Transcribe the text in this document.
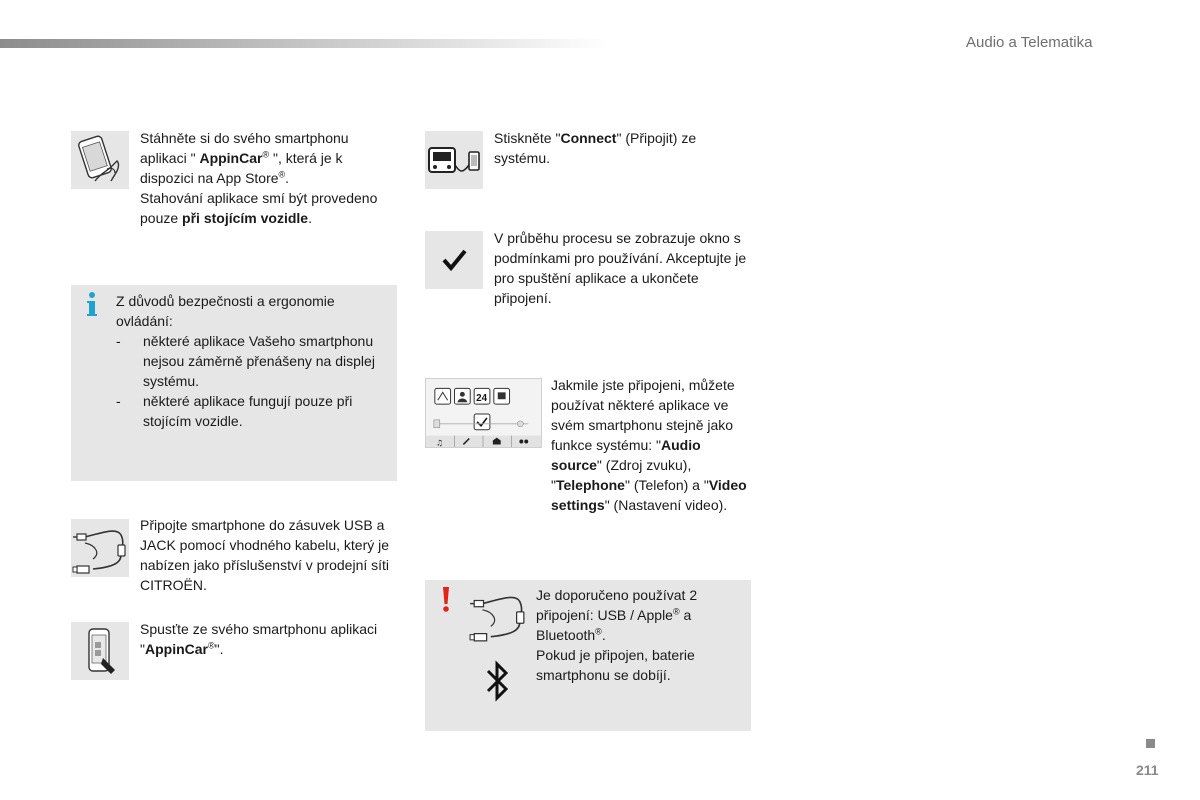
Audio a Telematika
Stáhněte si do svého smartphonu aplikaci " AppinCar® ", která je k dispozici na App Store®.
Stahování aplikace smí být provedeno pouze při stojícím vozidle.
Z důvodů bezpečnosti a ergonomie ovládání:
-	některé aplikace Vašeho smartphonu nejsou záměrně přenášeny na displej systému.
-	některé aplikace fungují pouze při stojícím vozidle.
Připojte smartphone do zásuvek USB a JACK pomocí vhodného kabelu, který je nabízen jako příslušenství v prodejní síti CITROËN.
Spusťte ze svého smartphonu aplikaci "AppinCar®".
Stiskněte "Connect" (Připojit) ze systému.
V průběhu procesu se zobrazuje okno s podmínkami pro používání. Akceptujte je pro spuštění aplikace a ukončete připojení.
24
♫
Jakmile jste připojeni, můžete používat některé aplikace ve svém smartphonu stejně jako funkce systému: "Audio source" (Zdroj zvuku), "Telephone" (Telefon) a "Video settings" (Nastavení video).
Je doporučeno používat 2 připojení: USB / Apple® a Bluetooth®.
Pokud je připojen, baterie smartphonu se dobíjí.
211
